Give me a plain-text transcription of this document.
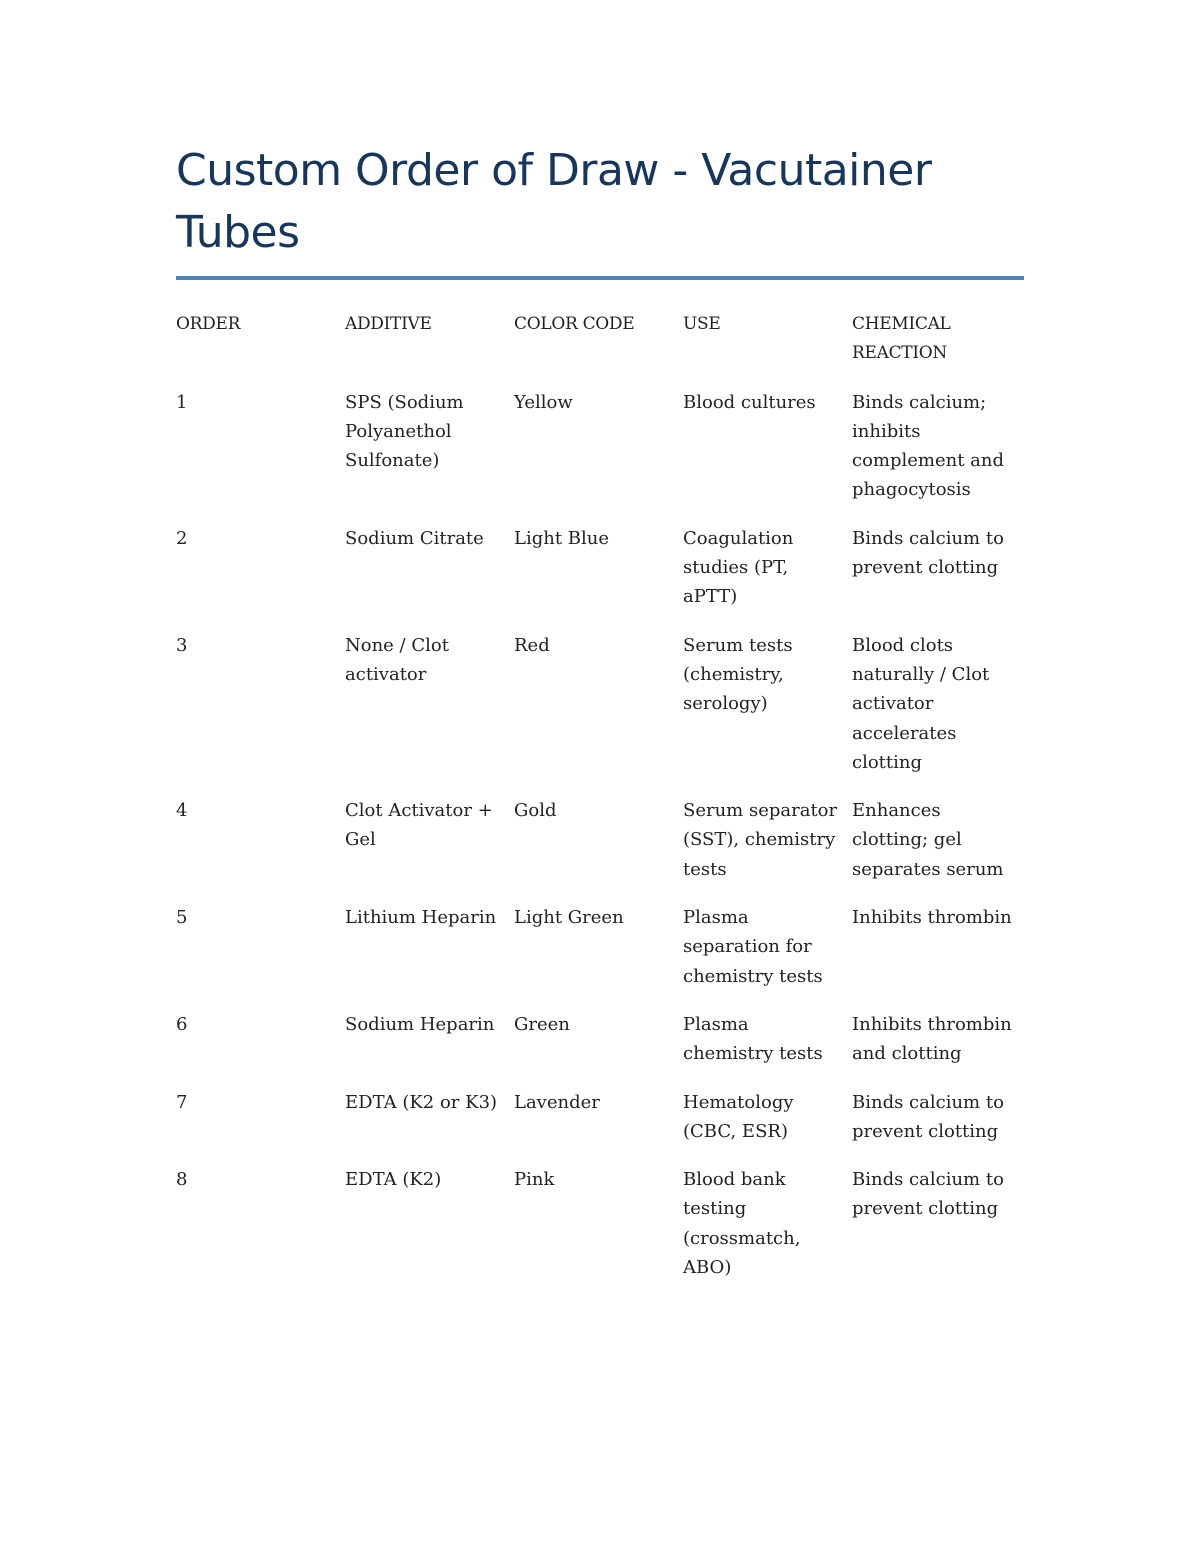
Custom Order of Draw - Vacutainer Tubes
ORDER	ADDITIVE	COLOR CODE	USE	CHEMICAL REACTION
1	SPS (Sodium Polyanethol Sulfonate)	Yellow	Blood cultures	Binds calcium; inhibits complement and phagocytosis
2	Sodium Citrate	Light Blue	Coagulation studies (PT, aPTT)	Binds calcium to prevent clotting
3	None / Clot activator	Red	Serum tests (chemistry, serology)	Blood clots naturally / Clot activator accelerates clotting
4	Clot Activator + Gel	Gold	Serum separator (SST), chemistry tests	Enhances clotting; gel separates serum
5	Lithium Heparin	Light Green	Plasma separation for chemistry tests	Inhibits thrombin
6	Sodium Heparin	Green	Plasma chemistry tests	Inhibits thrombin and clotting
7	EDTA (K2 or K3)	Lavender	Hematology (CBC, ESR)	Binds calcium to prevent clotting
8	EDTA (K2)	Pink	Blood bank testing (crossmatch, ABO)	Binds calcium to prevent clotting
